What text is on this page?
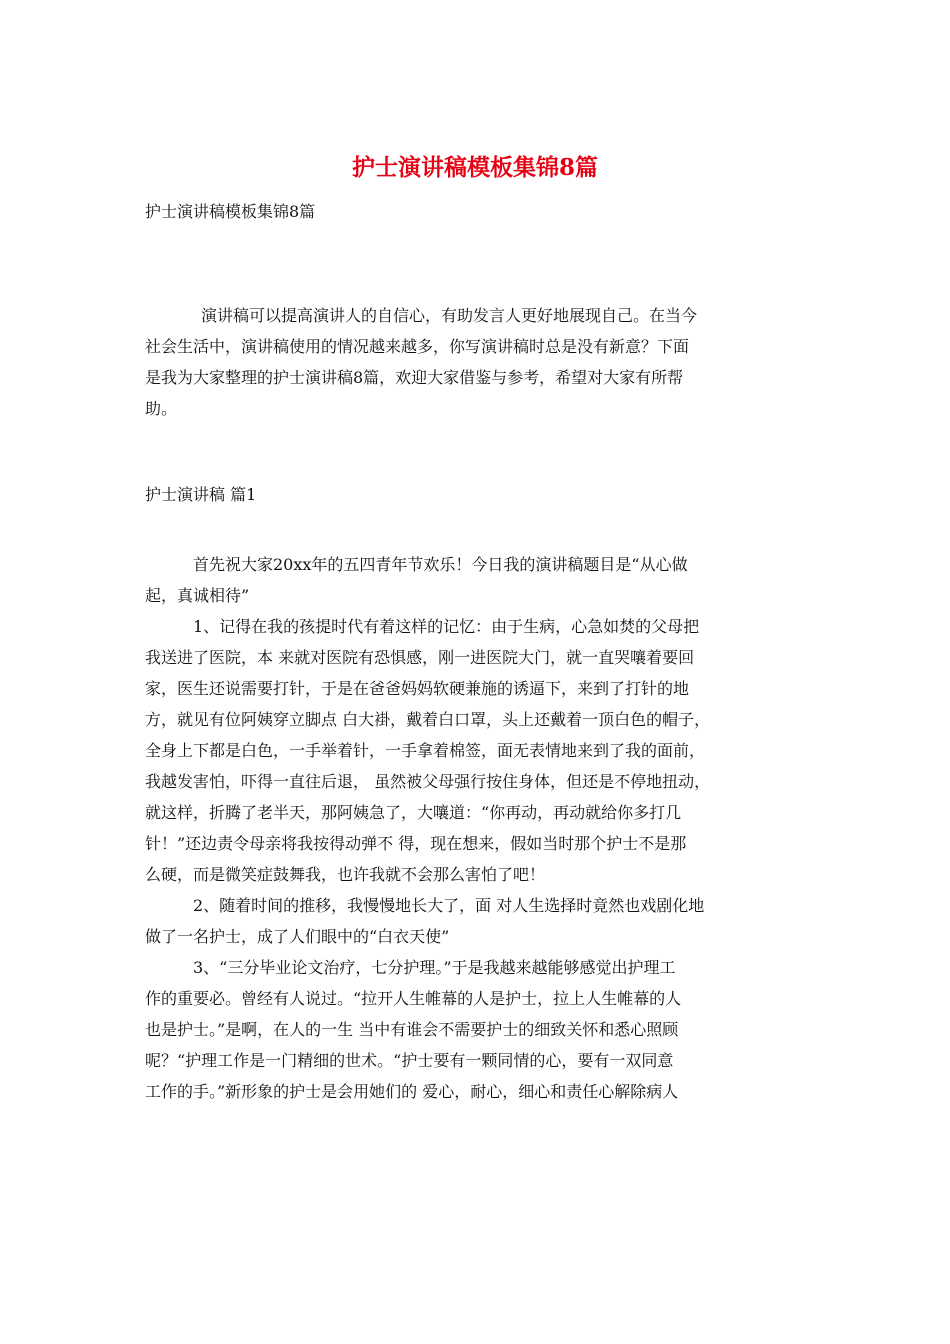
护士演讲稿模板集锦8篇

护士演讲稿模板集锦8篇

演讲稿可以提高演讲人的自信心，有助发言人更好地展现自己。在当今
社会生活中，演讲稿使用的情况越来越多，你写演讲稿时总是没有新意？下面
是我为大家整理的护士演讲稿8篇，欢迎大家借鉴与参考，希望对大家有所帮
助。

护士演讲稿 篇1

首先祝大家20xx年的五四青年节欢乐！今日我的演讲稿题目是“从心做
起，真诚相待”
1、记得在我的孩提时代有着这样的记忆：由于生病，心急如焚的父母把
我送进了医院，本 来就对医院有恐惧感，刚一进医院大门，就一直哭嚷着要回
家，医生还说需要打针，于是在爸爸妈妈软硬兼施的诱逼下，来到了打针的地
方，就见有位阿姨穿立脚点 白大褂，戴着白口罩，头上还戴着一顶白色的帽子，
全身上下都是白色，一手举着针，一手拿着棉签，面无表情地来到了我的面前，
我越发害怕，吓得一直往后退， 虽然被父母强行按住身体，但还是不停地扭动，
就这样，折腾了老半天，那阿姨急了，大嚷道：“你再动，再动就给你多打几
针！”还边责令母亲将我按得动弹不 得，现在想来，假如当时那个护士不是那
么硬，而是微笑症鼓舞我，也许我就不会那么害怕了吧！
2、随着时间的推移，我慢慢地长大了，面 对人生选择时竟然也戏剧化地
做了一名护士，成了人们眼中的“白衣天使”
3、“三分毕业论文治疗，七分护理。”于是我越来越能够感觉出护理工
作的重要必。曾经有人说过。“拉开人生帷幕的人是护士，拉上人生帷幕的人
也是护士。”是啊，在人的一生 当中有谁会不需要护士的细致关怀和悉心照顾
呢？“护理工作是一门精细的世术。“护士要有一颗同情的心，要有一双同意
工作的手。”新形象的护士是会用她们的 爱心，耐心，细心和责任心解除病人
